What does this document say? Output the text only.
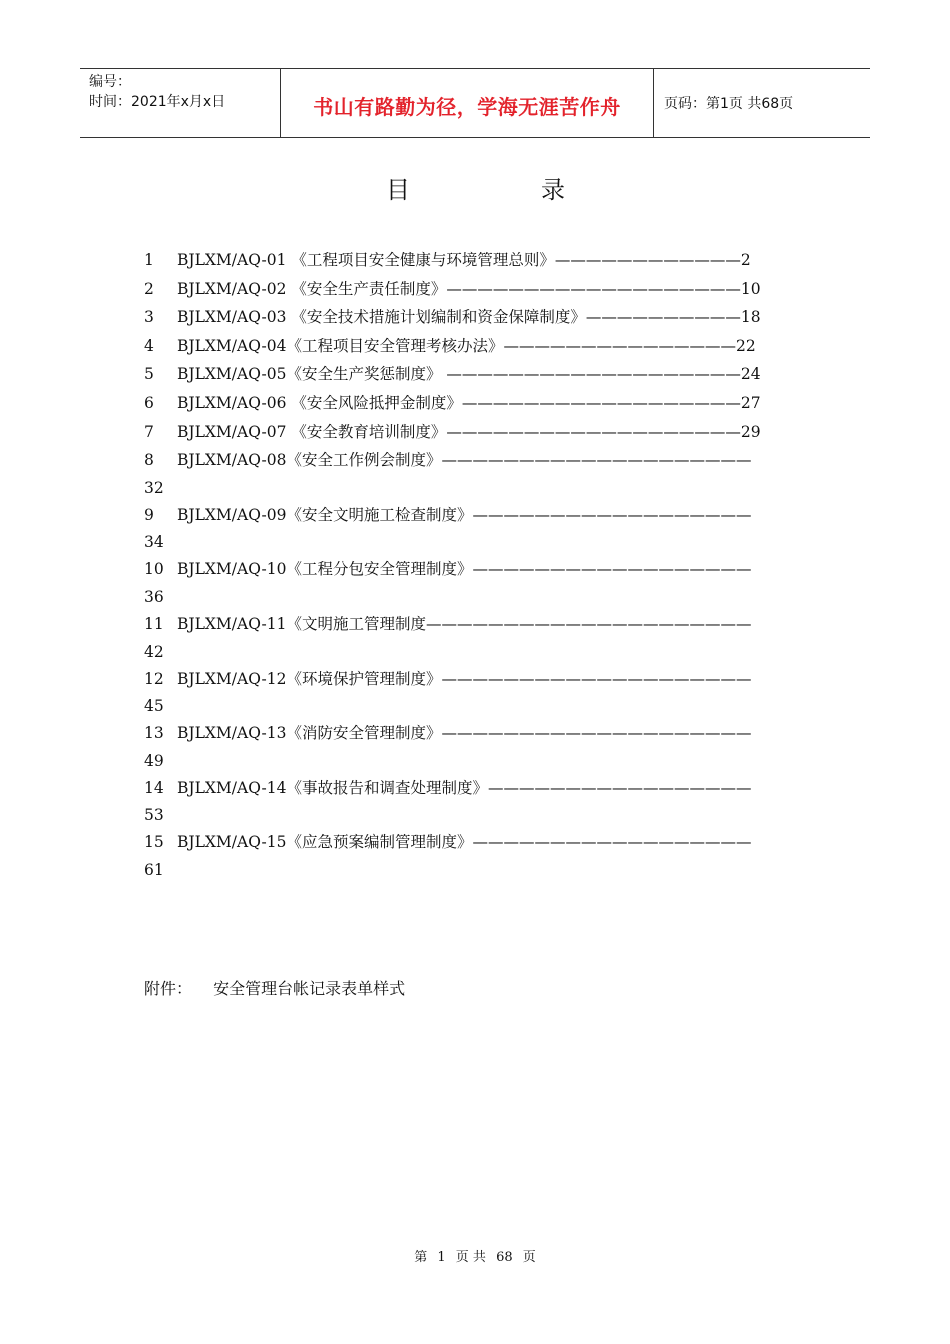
编号：
时间：2021年x月x日	书山有路勤为径，学海无涯苦作舟	页码：第1页 共68页
目	录
1 BJLXM/AQ-01 《工程项目安全健康与环境管理总则》————————————2
2 BJLXM/AQ-02 《安全生产责任制度》———————————————————10
3 BJLXM/AQ-03 《安全技术措施计划编制和资金保障制度》——————————18
4 BJLXM/AQ-04《工程项目安全管理考核办法》———————————————22
5 BJLXM/AQ-05《安全生产奖惩制度》 ———————————————————24
6 BJLXM/AQ-06 《安全风险抵押金制度》——————————————————27
7 BJLXM/AQ-07 《安全教育培训制度》———————————————————29
8 BJLXM/AQ-08《安全工作例会制度》————————————————————
32
9 BJLXM/AQ-09《安全文明施工检查制度》——————————————————
34
10 BJLXM/AQ-10《工程分包安全管理制度》——————————————————
36
11 BJLXM/AQ-11《文明施工管理制度—————————————————————
42
12 BJLXM/AQ-12《环境保护管理制度》————————————————————
45
13 BJLXM/AQ-13《消防安全管理制度》————————————————————
49
14 BJLXM/AQ-14《事故报告和调查处理制度》—————————————————
53
15 BJLXM/AQ-15《应急预案编制管理制度》——————————————————
61
附件： 安全管理台帐记录表单样式
第 1 页 共 68 页
